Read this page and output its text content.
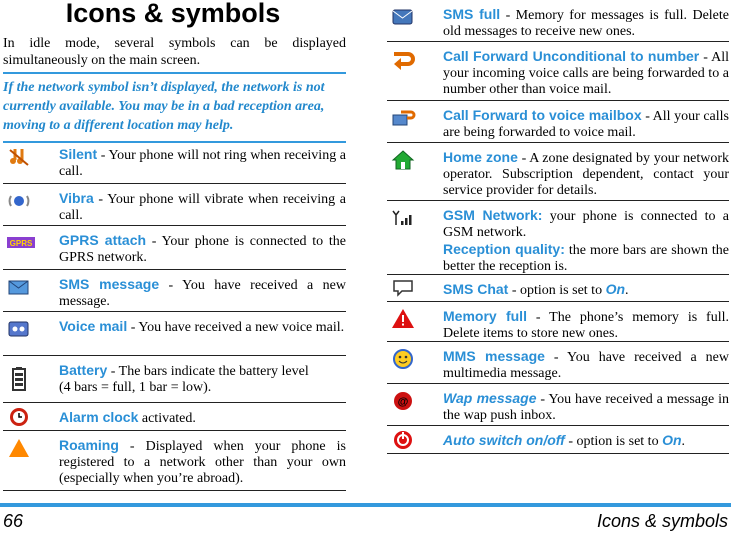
Icons & symbols
In idle mode, several symbols can be displayed simultaneously on the main screen.
If the network symbol isn’t displayed, the network is not currently available. You may be in a bad reception area, moving to a different location may help.
Silent - Your phone will not ring when receiving a call.
Vibra - Your phone will vibrate when receiving a call.
GPRS GPRS attach - Your phone is connected to the GPRS network.
SMS message - You have received a new message.
Voice mail - You have received a new voice mail.
Battery - The bars indicate the battery level
(4 bars = full, 1 bar = low).
Alarm clock activated.
Roaming - Displayed when your phone is registered to a network other than your own (especially when you’re abroad).
SMS full - Memory for messages is full. Delete old messages to receive new ones.
Call Forward Unconditional to number - All your incoming voice calls are being forwarded to a number other than voice mail.
Call Forward to voice mailbox - All your calls are being forwarded to voice mail.
Home zone - A zone designated by your network operator. Subscription dependent, contact your service provider for details.
GSM Network: your phone is connected to a GSM network.
Reception quality: the more bars are shown the better the reception is.
SMS Chat - option is set to On.
Memory full - The phone’s memory is full. Delete items to store new ones.
MMS message - You have received a new multimedia message.
@ Wap message - You have received a message in the wap push inbox.
Auto switch on/off - option is set to On.
66	Icons & symbols
